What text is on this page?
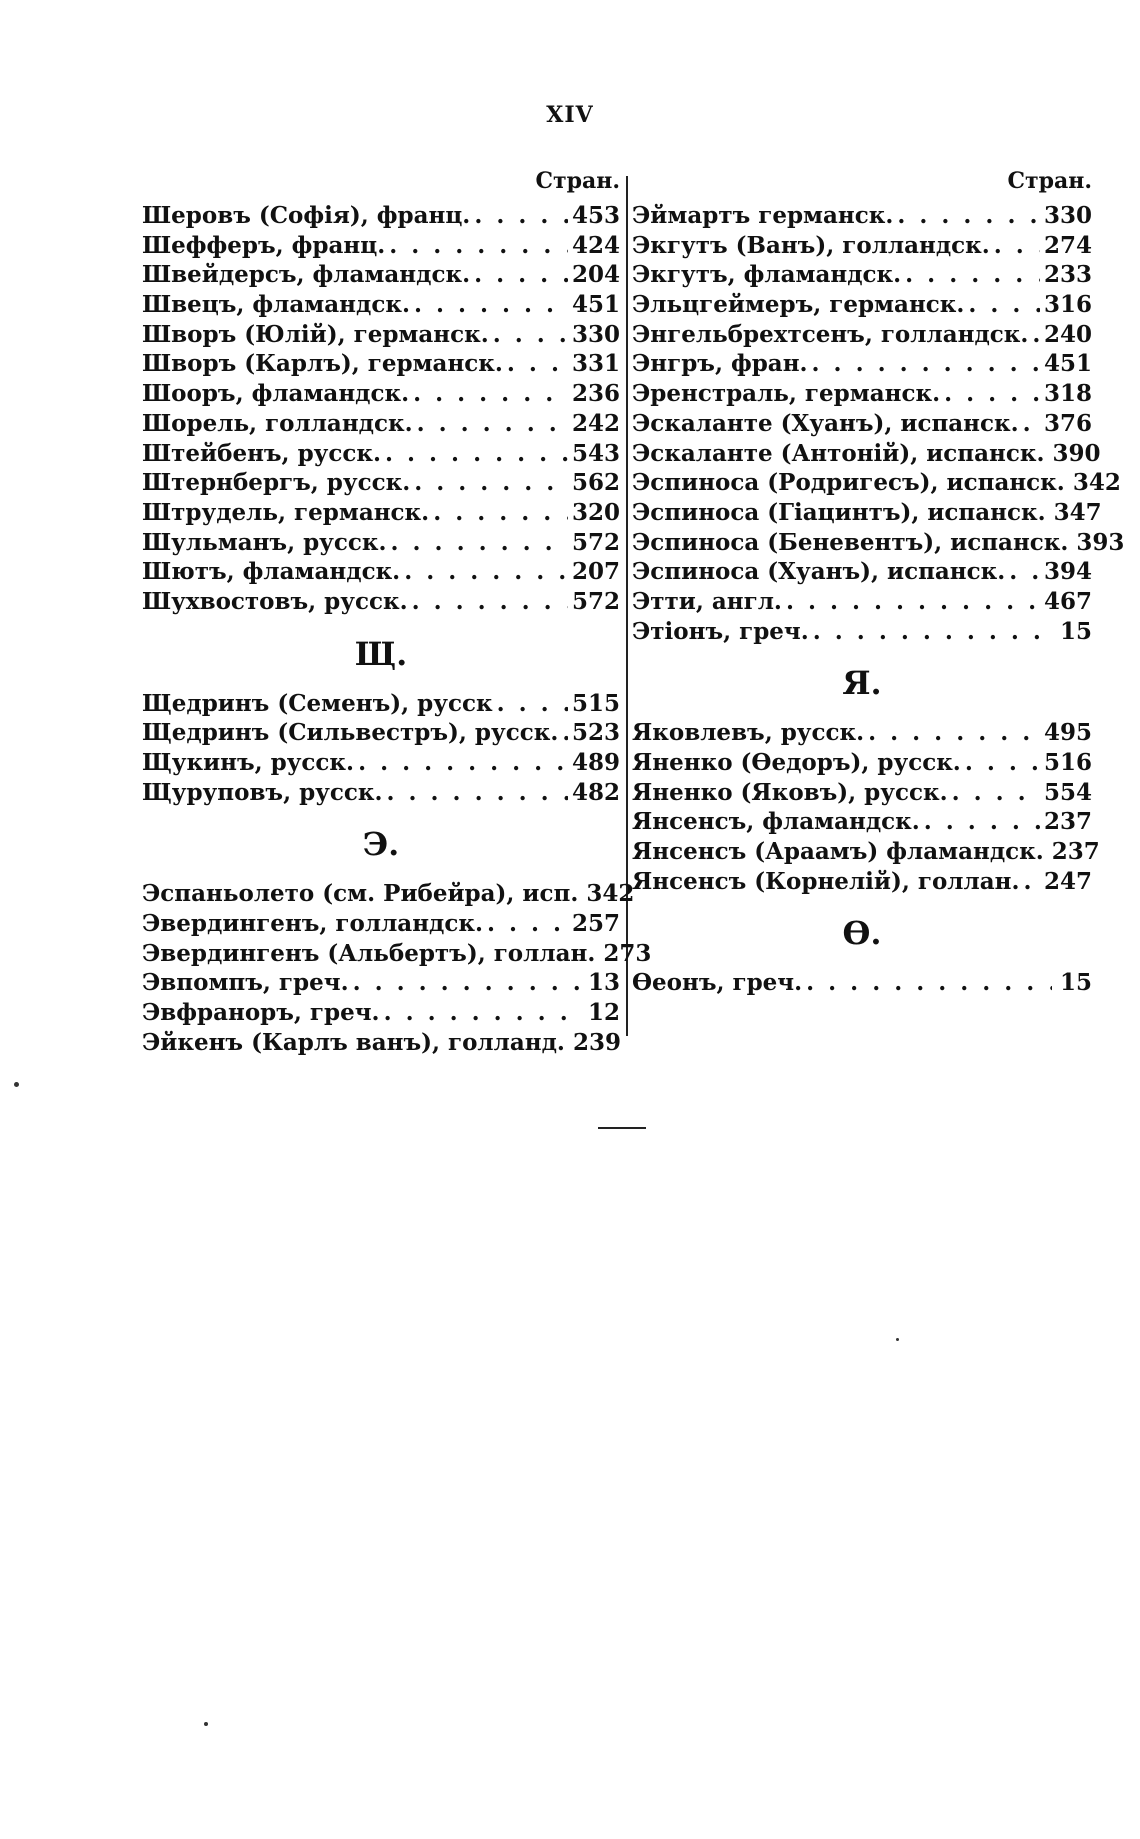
XIV
Стран.
Шеровъ (Софія), франц. . . .	453
Шефферъ, франц. . . .	424
Швейдерсъ, фламандск. . . .	204
Швецъ, фламандск. . . .	451
Шворъ (Юлій), германск. . . .	330
Шворъ (Карлъ), германск. . . .	331
Шооръ, фламандск. . . .	236
Шорель, голландск. . . .	242
Штейбенъ, русск. . . .	543
Штернбергъ, русск. . . .	562
Штрудель, германск. . . .	320
Шульманъ, русск. . . .	572
Шютъ, фламандск. . . .	207
Шухвостовъ, русск. . . .	572
Щ.
Щедринъ (Семенъ), русск . . .	515
Щедринъ (Сильвестръ), русск. . . . 523
Щукинъ, русск. . . .	489
Щуруповъ, русск. . . .	482
Э.
Эспаньолето (см. Рибейра), исп. 342
Эвердингенъ, голландск. . . .	257
Эвердингенъ (Альбертъ), голлан. 273
Эвпомпъ, греч. . . .	13
Эвфраноръ, греч. . . .	12
Эйкенъ (Карлъ ванъ), голланд. 239
Стран.
Эймартъ германск. . . .	330
Экгутъ (Ванъ), голландск. . . . 274
Экгутъ, фламандск. . . .	233
Эльцгеймеръ, германск. . . .	316
Энгельбрехтсенъ, голландск. . . . 240
Энгръ, фран. . . .	451
Эренстраль, германск. . . .	318
Эскаланте (Хуанъ), испанск. . . . 376
Эскаланте (Антоній), испанск. 390
Эспиноса (Родригесъ), испанск. 342
Эспиноса (Гіацинтъ), испанск. 347
Эспиноса (Беневентъ), испанск. 393
Эспиноса (Хуанъ), испанск. . . . 394
Этти, англ. . . .	467
Этіонъ, греч. . . .	15
Я.
Яковлевъ, русск. . . .	495
Яненко (Ѳедоръ), русск. . . .	516
Яненко (Яковъ), русск. . . .	554
Янсенсъ, фламандск. . . .	237
Янсенсъ (Араамъ) фламандск. 237
Янсенсъ (Корнелій), голлан. . . . 247
Ѳ.
Ѳеонъ, греч. . . .	15
